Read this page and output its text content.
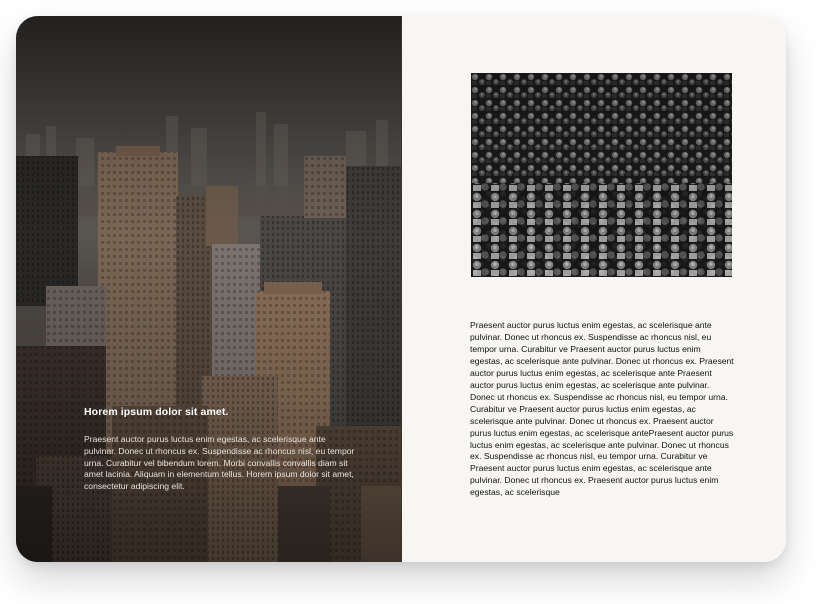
Horem ipsum dolor sit amet.

Praesent auctor purus luctus enim egestas, ac scelerisque ante pulvinar. Donec ut rhoncus ex. Suspendisse ac rhoncus nisl, eu tempor urna. Curabitur vel bibendum lorem. Morbi convallis convallis diam sit amet lacinia. Aliquam in elementum tellus. Horem ipsum dolor sit amet, consectetur adipiscing elit.

Praesent auctor purus luctus enim egestas, ac scelerisque ante pulvinar. Donec ut rhoncus ex. Suspendisse ac rhoncus nisl, eu tempor urna. Curabitur ve Praesent auctor purus luctus enim egestas, ac scelerisque ante pulvinar. Donec ut rhoncus ex. Praesent auctor purus luctus enim egestas, ac scelerisque ante Praesent auctor purus luctus enim egestas, ac scelerisque ante pulvinar. Donec ut rhoncus ex. Suspendisse ac rhoncus nisl, eu tempor urna. Curabitur ve Praesent auctor purus luctus enim egestas, ac scelerisque ante pulvinar. Donec ut rhoncus ex. Praesent auctor purus luctus enim egestas, ac scelerisque antePraesent auctor purus luctus enim egestas, ac scelerisque ante pulvinar. Donec ut rhoncus ex. Suspendisse ac rhoncus nisl, eu tempor urna. Curabitur ve Praesent auctor purus luctus enim egestas, ac scelerisque ante pulvinar. Donec ut rhoncus ex. Praesent auctor purus luctus enim egestas, ac scelerisque
